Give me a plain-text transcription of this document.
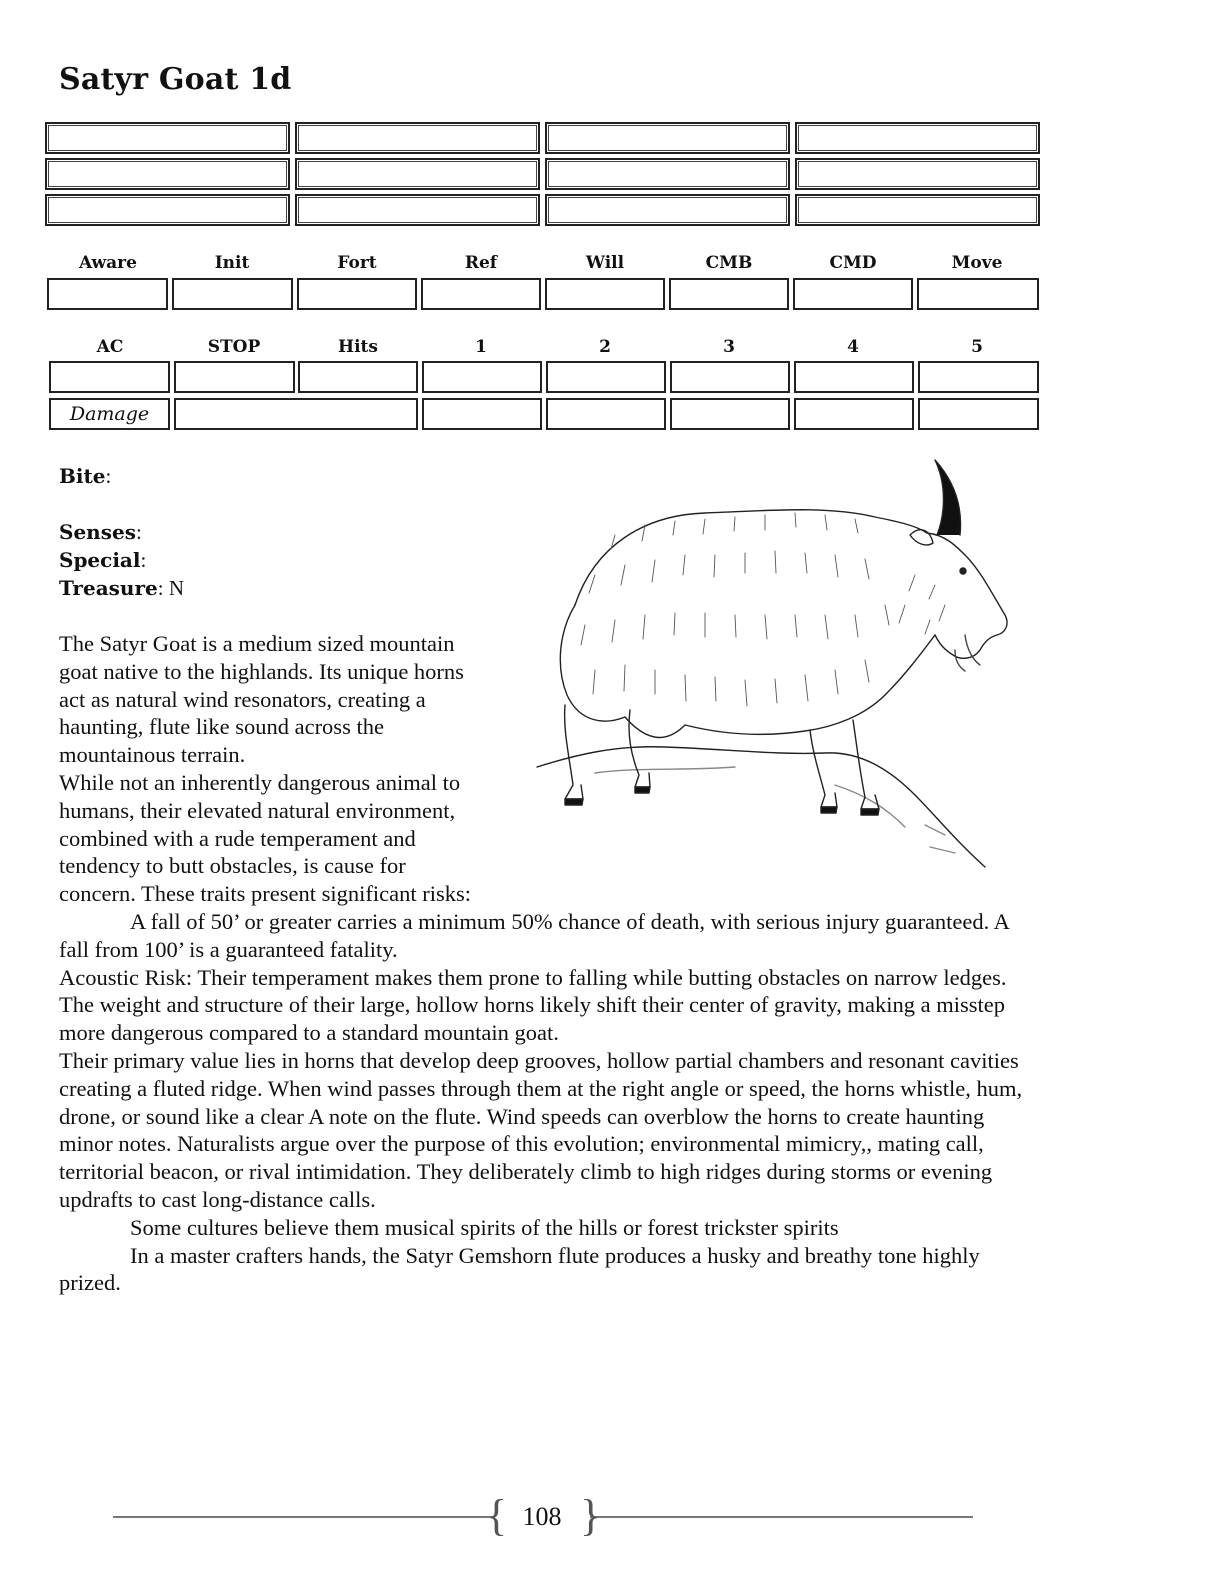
Satyr Goat 1d
Aware	Init	Fort	Ref	Will	CMB	CMD	Move
AC	STOP	Hits	1	2	3	4	5
Damage
Bite:
Senses:
Special:
Treasure: N
The Satyr Goat is a medium sized mountain
goat native to the highlands. Its unique horns
act as natural wind resonators, creating a
haunting, flute like sound across the
mountainous terrain.
While not an inherently dangerous animal to
humans, their elevated natural environment,
combined with a rude temperament and
tendency to butt obstacles, is cause for
concern. These traits present significant risks:
A fall of 50’ or greater carries a minimum 50% chance of death, with serious injury guaranteed. A fall from 100’ is a guaranteed fatality.
Acoustic Risk: Their temperament makes them prone to falling while butting obstacles on narrow ledges. The weight and structure of their large, hollow horns likely shift their center of gravity, making a misstep more dangerous compared to a standard mountain goat.
Their primary value lies in horns that develop deep grooves, hollow partial chambers and resonant cavities creating a fluted ridge. When wind passes through them at the right angle or speed, the horns whistle, hum, drone, or sound like a clear A note on the flute. Wind speeds can overblow the horns to create haunting minor notes. Naturalists argue over the purpose of this evolution; environmental mimicry,, mating call, territorial beacon, or rival intimidation. They deliberately climb to high ridges during storms or evening updrafts to cast long-distance calls.
Some cultures believe them musical spirits of the hills or forest trickster spirits
In a master crafters hands, the Satyr Gemshorn flute produces a husky and breathy tone highly prized.
{ }
108
